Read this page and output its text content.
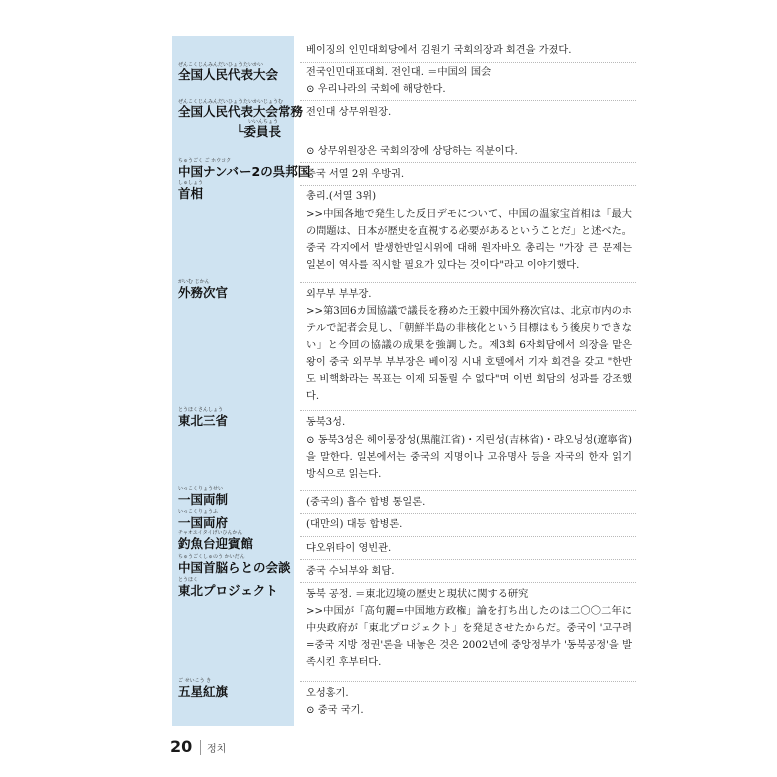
ぜんこくじんみんだいひょうたいかい
全国人民代表大会
ぜんこくじんみんだいひょうたいかいじょうむ
全国人民代表大会常務
いいんちょう
└委員長
ちゅうごく ご ホウコク
中国ナンバー2の呉邦国
しゅしょう
首相
がいむ じかん
外務次官
とうほくさんしょう
東北三省
いっこくりょうせい
一国両制
いっこくりょうふ
一国両府
チャオユイタイげいひんかん
釣魚台迎賓館
ちゅうごくしゅのう かいだん
中国首脳らとの会談
とうほく
東北プロジェクト
ご せいこう き
五星紅旗
베이징의 인민대회당에서 김원기 국회의장과 회견을 가졌다.
전국인민대표대회. 전인대. ＝中国의 国会
⊙ 우리나라의 국회에 해당한다.
전인대 상무위원장.
⊙ 상무위원장은 국회의장에 상당하는 직분이다.
중국 서열 2위 우방궈.
총리.(서열 3위)
>>中国各地で発生した反日デモについて、中国の温家宝首相は「最大の問題は、日本が歴史を直視する必要があるということだ」と述べた。중국 각지에서 발생한반일시위에 대해 원자바오 총리는 "가장 큰 문제는 일본이 역사를 직시할 필요가 있다는 것이다"라고 이야기했다.
외무부 부부장.
>>第3回6カ国協議で議長を務めた王毅中国外務次官は、北京市内のホテルで記者会見し、「朝鮮半島の非核化という目標はもう後戻りできない」と今回の協議の成果を強調した。제3회 6자회담에서 의장을 맡은 왕이 중국 외무부 부부장은 베이징 시내 호텔에서 기자 회견을 갖고 "한반도 비핵화라는 목표는 이제 되돌릴 수 없다"며 이번 회담의 성과를 강조했다.
동북3성.
⊙ 동북3성은 헤이룽장성(黒龍江省)・지린성(吉林省)・랴오닝성(遼寧省)을 말한다. 일본에서는 중국의 지명이나 고유명사 등을 자국의 한자 읽기 방식으로 읽는다.
(중국의) 흡수 합병 통일론.
(대만의) 대등 합병론.
댜오위타이 영빈관.
중국 수뇌부와 회담.
동북 공정. ＝東北辺境の歴史と現状に関する研究
>>中国が「高句麗=中国地方政権」論を打ち出したのは二〇〇二年に中央政府が「東北プロジェクト」を発足させたからだ。중국이 '고구려=중국 지방 정권'론을 내놓은 것은 2002년에 중앙정부가 '동북공정'을 발족시킨 후부터다.
오성홍기.
⊙ 중국 국기.
20	정치
